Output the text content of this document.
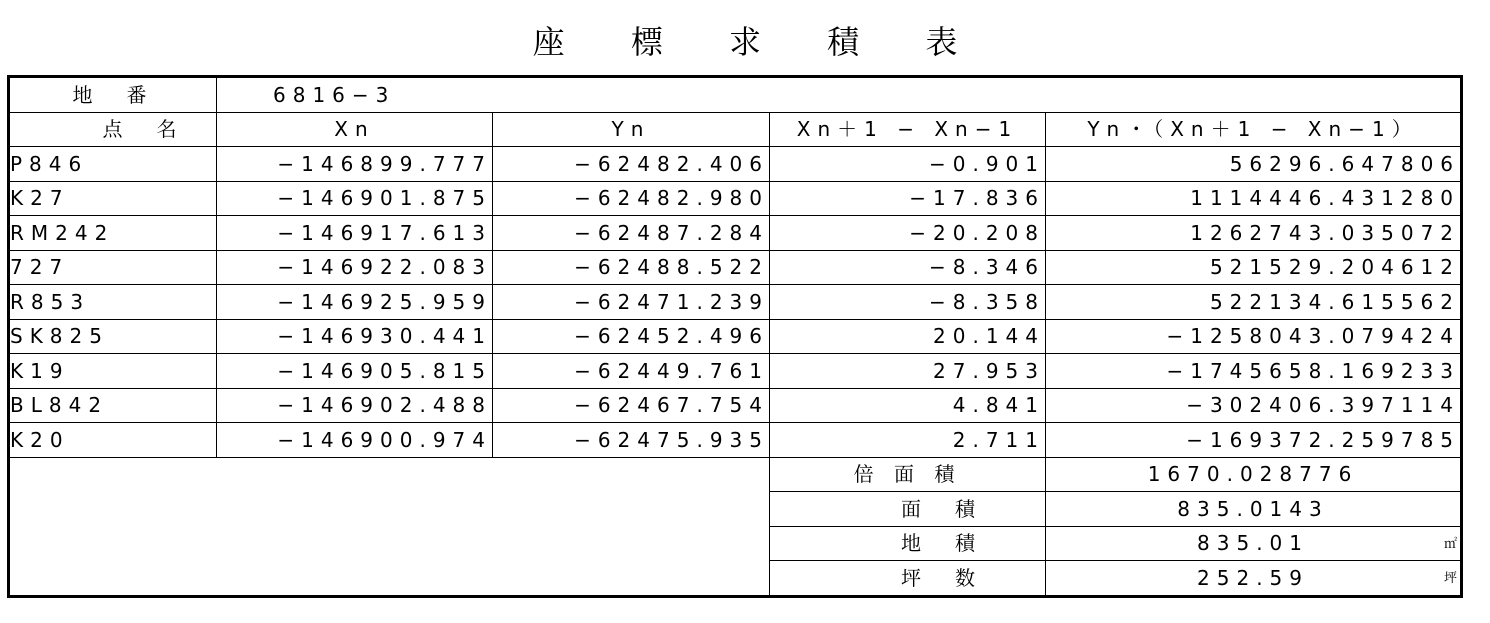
座 標 求 積 表
地　番	6816−3			
点　名	Xn	Yn	Xn＋1 − Xn−1	Yn・（Xn＋1 − Xn−1）
P846	−146899.777	−62482.406	−0.901	56296.647806
K27	−146901.875	−62482.980	−17.836	1114446.431280
RM242	−146917.613	−62487.284	−20.208	1262743.035072
727	−146922.083	−62488.522	−8.346	521529.204612
R853	−146925.959	−62471.239	−8.358	522134.615562
SK825	−146930.441	−62452.496	20.144	−1258043.079424
K19	−146905.815	−62449.761	27.953	−1745658.169233
BL842	−146902.488	−62467.754	4.841	−302406.397114
K20	−146900.974	−62475.935	2.711	−169372.259785
			倍 面 積	1670.028776
			面　積	835.0143
			地　積	835.01 ㎡

			坪　数	252.59 坪
